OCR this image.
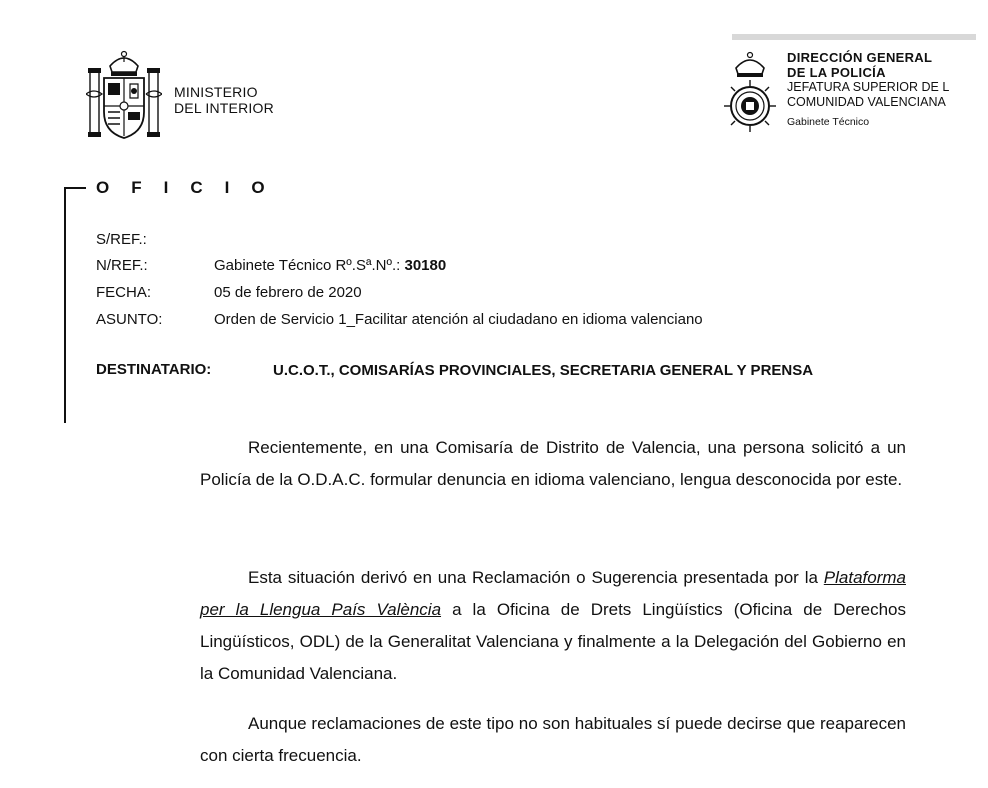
MINISTERIO
DEL INTERIOR
DIRECCIÓN GENERAL
DE LA POLICÍA
JEFATURA SUPERIOR DE L
COMUNIDAD VALENCIANA
Gabinete Técnico
OFICIO
S/REF.:
N/REF.:	Gabinete Técnico Rº.Sª.Nº.: 30180
FECHA:	05 de febrero de 2020
ASUNTO:	Orden de Servicio 1_Facilitar atención al ciudadano en idioma valenciano
DESTINATARIO:	U.C.O.T., COMISARÍAS PROVINCIALES, SECRETARIA GENERAL Y PRENSA

Recientemente, en una Comisaría de Distrito de Valencia, una persona solicitó a un Policía de la O.D.A.C. formular denuncia en idioma valenciano, lengua desconocida por este.

Esta situación derivó en una Reclamación o Sugerencia presentada por la Plataforma per la Llengua País València a la Oficina de Drets Lingüístics (Oficina de Derechos Lingüísticos, ODL) de la Generalitat Valenciana y finalmente a la Delegación del Gobierno en la Comunidad Valenciana.

Aunque reclamaciones de este tipo no son habituales sí puede decirse que reaparecen con cierta frecuencia.
